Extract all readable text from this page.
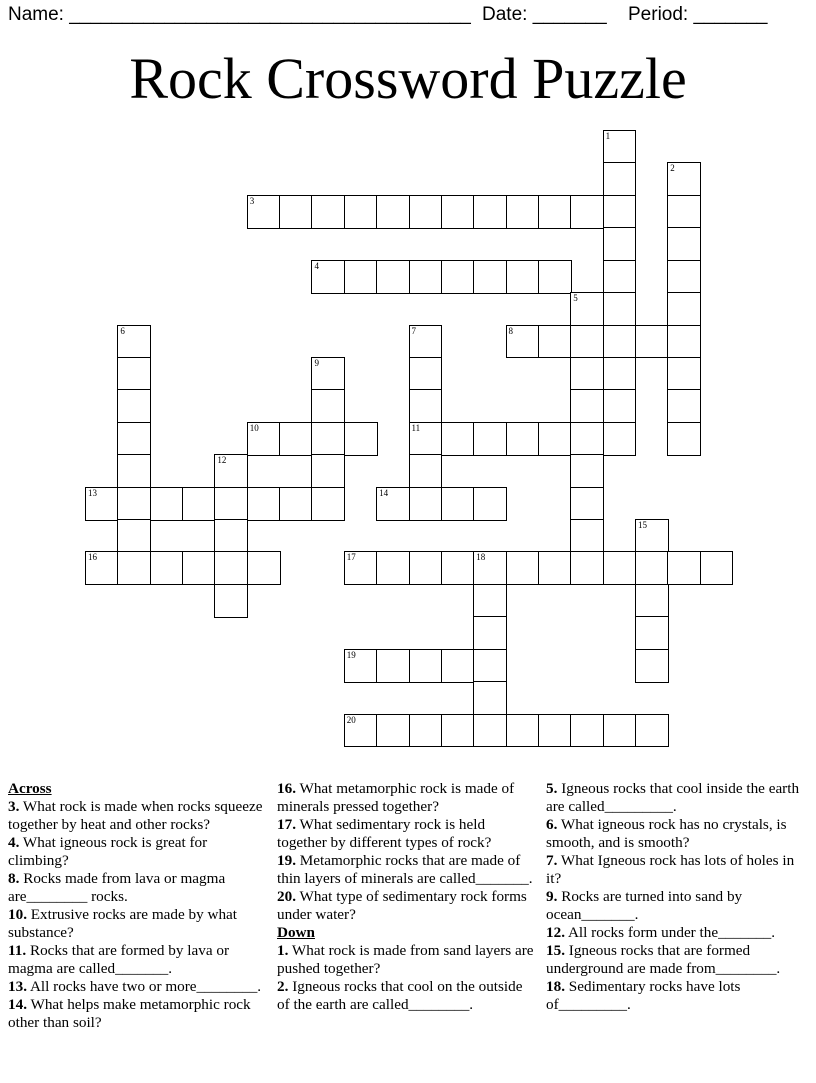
Name: ______________________________________ Date: _______ Period: _______
Rock Crossword Puzzle
1
2
3
4
5
6	7	8
9
10	11
12
13	14
15
16	17	18
19
20

Across

3. What rock is made when rocks squeeze together by heat and other rocks?

4. What igneous rock is great for climbing?

8. Rocks made from lava or magma are________ rocks.

10. Extrusive rocks are made by what substance?

11. Rocks that are formed by lava or magma are called_______.

13. All rocks have two or more________.

14. What helps make metamorphic rock other than soil?

16. What metamorphic rock is made of minerals pressed together?

17. What sedimentary rock is held together by different types of rock?

19. Metamorphic rocks that are made of thin layers of minerals are called_______.

20. What type of sedimentary rock forms under water?

Down

1. What rock is made from sand layers are pushed together?

2. Igneous rocks that cool on the outside of the earth are called________.

5. Igneous rocks that cool inside the earth are called_________.

6. What igneous rock has no crystals, is smooth, and is smooth?

7. What Igneous rock has lots of holes in it?

9. Rocks are turned into sand by ocean_______.

12. All rocks form under the_______.

15. Igneous rocks that are formed underground are made from________.

18. Sedimentary rocks have lots of_________.
